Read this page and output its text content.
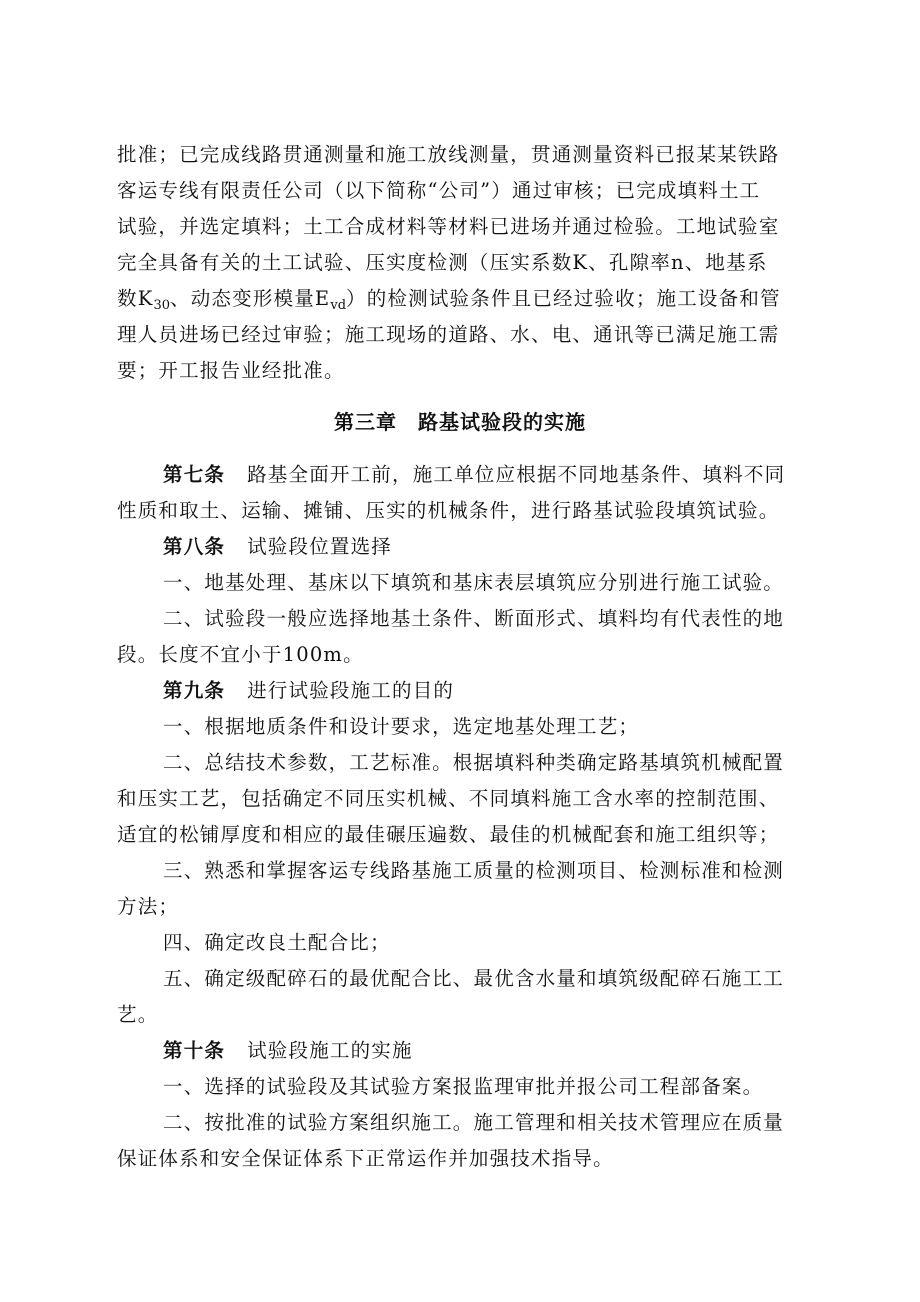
批准；已完成线路贯通测量和施工放线测量，贯通测量资料已报某某铁路

客运专线有限责任公司（以下简称“公司”）通过审核；已完成填料土工

试验，并选定填料；土工合成材料等材料已进场并通过检验。工地试验室

完全具备有关的土工试验、压实度检测（压实系数K、孔隙率n、地基系

数$K_{30}$、动态变形模量$E_{vd}$）的检测试验条件且已经过验收；施工设备和管

理人员进场已经过审验；施工现场的道路、水、电、通讯等已满足施工需

要；开工报告业经批准。

第三章　路基试验段的实施

第七条 路基全面开工前，施工单位应根据不同地基条件、填料不同

性质和取土、运输、摊铺、压实的机械条件，进行路基试验段填筑试验。

第八条 试验段位置选择

一、地基处理、基床以下填筑和基床表层填筑应分别进行施工试验。

二、试验段一般应选择地基土条件、断面形式、填料均有代表性的地

段。长度不宜小于100m。

第九条 进行试验段施工的目的

一、根据地质条件和设计要求，选定地基处理工艺；

二、总结技术参数，工艺标准。根据填料种类确定路基填筑机械配置

和压实工艺，包括确定不同压实机械、不同填料施工含水率的控制范围、

适宜的松铺厚度和相应的最佳碾压遍数、最佳的机械配套和施工组织等；

三、熟悉和掌握客运专线路基施工质量的检测项目、检测标准和检测

方法；

四、确定改良土配合比；

五、确定级配碎石的最优配合比、最优含水量和填筑级配碎石施工工

艺。

第十条 试验段施工的实施

一、选择的试验段及其试验方案报监理审批并报公司工程部备案。

二、按批准的试验方案组织施工。施工管理和相关技术管理应在质量

保证体系和安全保证体系下正常运作并加强技术指导。
